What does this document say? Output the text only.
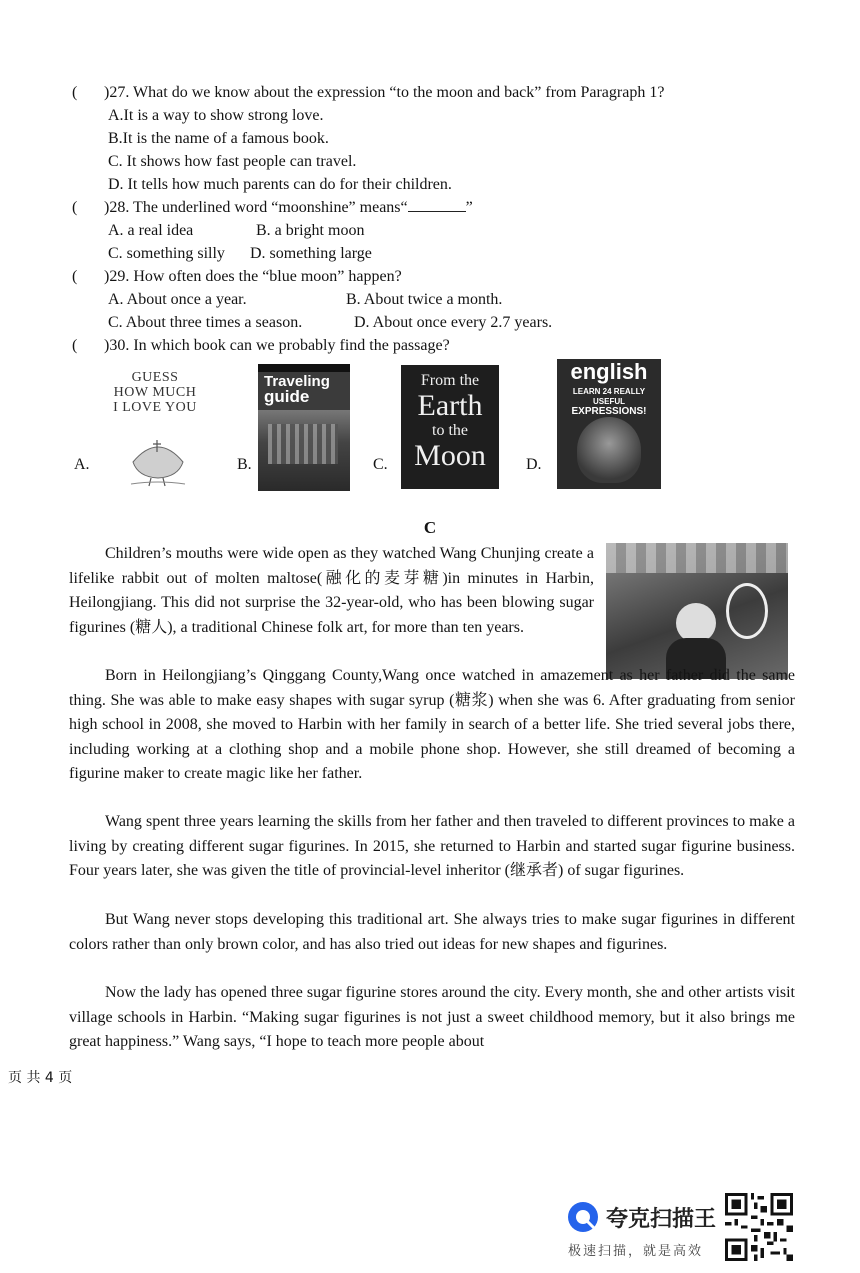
( )27. What do we know about the expression “to the moon and back” from Paragraph 1?
A.It is a way to show strong love.
B.It is the name of a famous book.
C. It shows how fast people can travel.
D. It tells how much parents can do for their children.
( )28. The underlined word “moonshine” means“	”
A. a real idea	B. a bright moon
C. something silly D. something large
( )29. How often does the “blue moon” happen?
A. About once a year.	B. About twice a month.
C. About three times a season.	D. About once every 2.7 years.
( )30. In which book can we probably find the passage?
A.
GUESS
HOW MUCH
I LOVE YOU
B.
Traveling
guide
C.
From the
Earth
to the
Moon	D.
english
LEARN 24 REALLY USEFUL
EXPRESSIONS!
C
Children’s mouths were wide open as they watched Wang Chunjing create a lifelike rabbit out of molten maltose(融化的麦芽糖)in minutes in Harbin, Heilongjiang. This did not surprise the 32-year-old, who has been blowing sugar figurines (糖人), a traditional Chinese folk art, for more than ten years.
Born in Heilongjiang’s Qinggang County,Wang once watched in amazement as her father did the same thing. She was able to make easy shapes with sugar syrup (糖浆) when she was 6. After graduating from senior high school in 2008, she moved to Harbin with her family in search of a better life. She tried several jobs there, including working at a clothing shop and a mobile phone shop. However, she still dreamed of becoming a figurine maker to create magic like her father.
Wang spent three years learning the skills from her father and then traveled to different provinces to make a living by creating different sugar figurines. In 2015, she returned to Harbin and started sugar figurine business. Four years later, she was given the title of provincial-level inheritor (继承者) of sugar figurines.
But Wang never stops developing this traditional art. She always tries to make sugar figurines in different colors rather than only brown color, and has also tried out ideas for new shapes and figurines.
Now the lady has opened three sugar figurine stores around the city. Every month, she and other artists visit village schools in Harbin. “Making sugar figurines is not just a sweet childhood memory, but it also brings me great happiness.” Wang says, “I hope to teach more people about
页 共 4 页
夸克扫描王
极速扫描，就是高效
